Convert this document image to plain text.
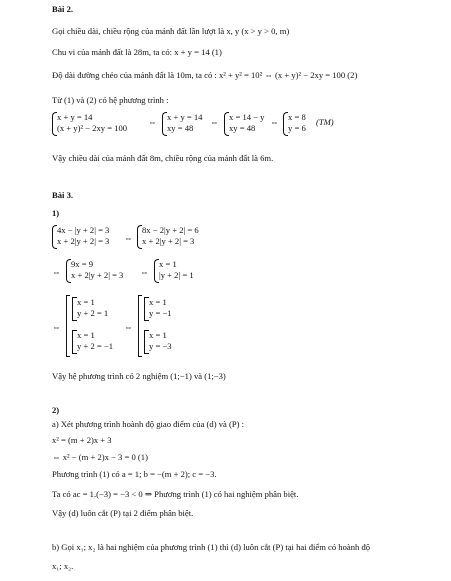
Bài 2.
Gọi chiều dài, chiều rộng của mảnh đất lần lượt là x, y (x > y > 0, m)
Chu vi của mảnh đất là 28m, ta có: x + y = 14 (1)
Độ dài đường chéo của mảnh đất là 10m, ta có : x² + y² = 10² ⇔ (x + y)² − 2xy = 100 (2)
Từ (1) và (2) có hệ phương trình :
x + y = 14
(x + y)² − 2xy = 100
⇔ x + y = 14
xy = 48
⇔ x = 14 − y
xy = 48
⇔ x = 8
y = 6
(TM)
Vậy chiều dài của mảnh đất 8m, chiều rộng của mảnh đất là 6m.
Bài 3.
1)
4x − |y + 2| = 3
x + 2|y + 2| = 3 ⇔
8x − 2|y + 2| = 6
x + 2|y + 2| = 3
⇔
9x = 9
x + 2|y + 2| = 3 ⇔
x = 1
|y + 2| = 1
⇔
x = 1
y + 2 = 1
x = 1
y + 2 = −1
⇔
x = 1
y = −1
x = 1
y = −3
Vậy hệ phương trình có 2 nghiệm (1;−1) và (1;−3)
2)
a) Xét phương trình hoành độ giao điểm của (d) và (P) :
x² = (m + 2)x + 3
⇔ x² − (m + 2)x − 3 = 0 (1)
Phương trình (1) có a = 1; b = −(m + 2); c = −3.
Ta có ac = 1.(−3) = −3 < 0 ⇒ Phương trình (1) có hai nghiệm phân biệt.
Vậy (d) luôn cắt (P) tại 2 điểm phân biệt.
b) Gọi x₁; x₂ là hai nghiệm của phương trình (1) thì (d) luôn cắt (P) tại hai điểm có hoành độ
x₁; x₂.
